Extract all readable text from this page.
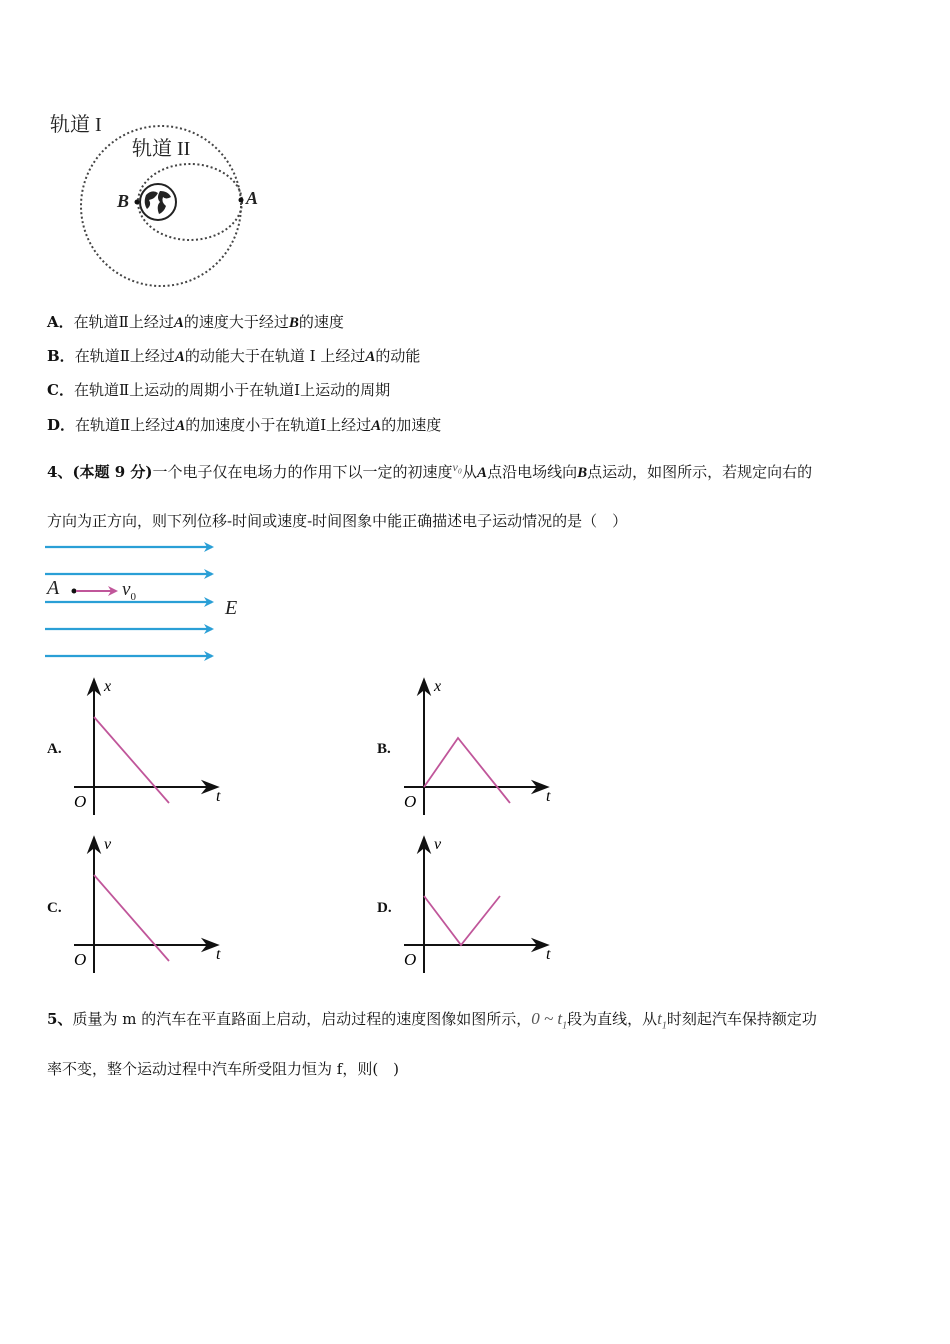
轨道 I
轨道 II
B	A
A．在轨道Ⅱ上经过A的速度大于经过B的速度
B．在轨道Ⅱ上经过A的动能大于在轨道 I 上经过A的动能
C．在轨道Ⅱ上运动的周期小于在轨道Ⅰ上运动的周期
D．在轨道Ⅱ上经过A的加速度小于在轨道Ⅰ上经过A的加速度
4、(本题 9 分)一个电子仅在电场力的作用下以一定的初速度$^{v_0}$从A点沿电场线向B点运动，如图所示，若规定向右的
方向为正方向，则下列位移-时间或速度-时间图象中能正确描述电子运动情况的是（　）
A	$v_0$	E
A.
x
t
O
B.
x
t
O
C.
v
t
O
D.
v
t
O
5、质量为 m 的汽车在平直路面上启动，启动过程的速度图像如图所示，0 ~ $t_1$段为直线，从$t_1$时刻起汽车保持额定功
率不变，整个运动过程中汽车所受阻力恒为 f，则(　)
